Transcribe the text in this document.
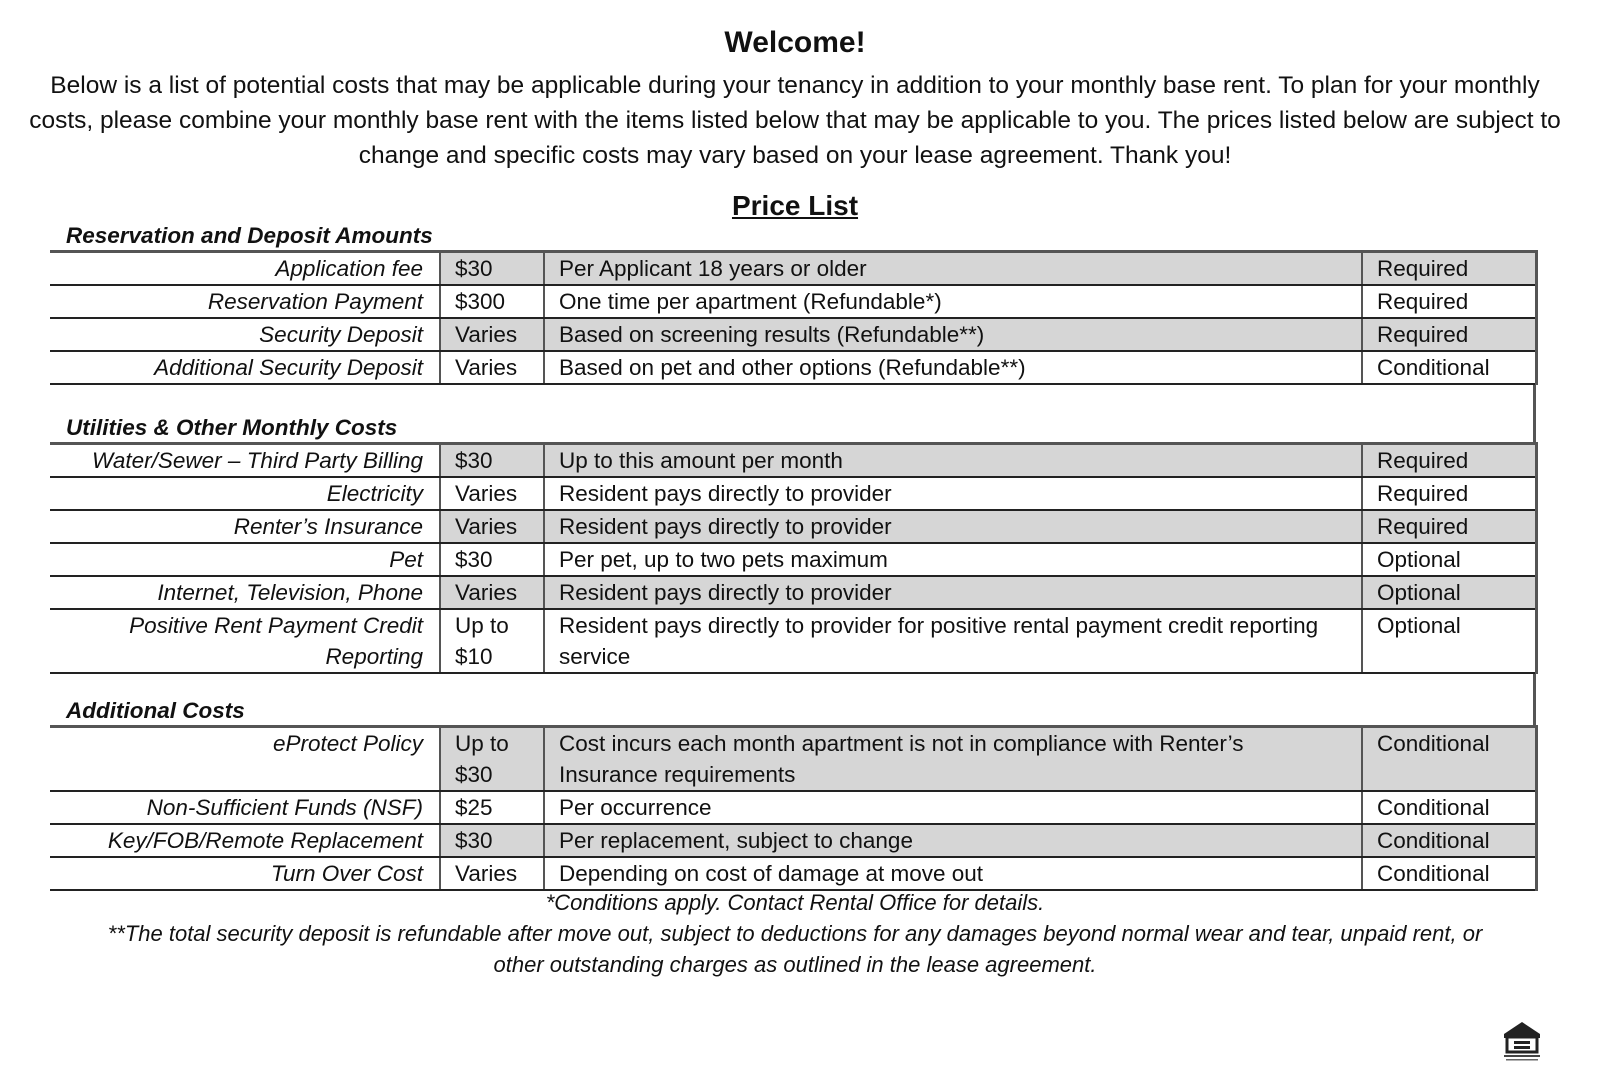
Welcome!
Below is a list of potential costs that may be applicable during your tenancy in addition to your monthly base rent. To plan for your monthly costs, please combine your monthly base rent with the items listed below that may be applicable to you. The prices listed below are subject to change and specific costs may vary based on your lease agreement. Thank you!
Price List
Reservation and Deposit Amounts
Application fee	$30	Per Applicant 18 years or older	Required
Reservation Payment	$300	One time per apartment (Refundable*)	Required
Security Deposit	Varies	Based on screening results (Refundable**)	Required
Additional Security Deposit	Varies	Based on pet and other options (Refundable**)	Conditional
Utilities & Other Monthly Costs
Water/Sewer – Third Party Billing	$30	Up to this amount per month	Required
Electricity	Varies	Resident pays directly to provider	Required
Renter’s Insurance	Varies	Resident pays directly to provider	Required
Pet	$30	Per pet, up to two pets maximum	Optional
Internet, Television, Phone	Varies	Resident pays directly to provider	Optional
Positive Rent Payment Credit Reporting	Up to $10	Resident pays directly to provider for positive rental payment credit reporting service	Optional
Additional Costs
eProtect Policy	Up to $30	Cost incurs each month apartment is not in compliance with Renter’s Insurance requirements	Conditional
Non-Sufficient Funds (NSF)	$25	Per occurrence	Conditional
Key/FOB/Remote Replacement	$30	Per replacement, subject to change	Conditional
Turn Over Cost	Varies	Depending on cost of damage at move out	Conditional
*Conditions apply. Contact Rental Office for details.
**The total security deposit is refundable after move out, subject to deductions for any damages beyond normal wear and tear, unpaid rent, or other outstanding charges as outlined in the lease agreement.
